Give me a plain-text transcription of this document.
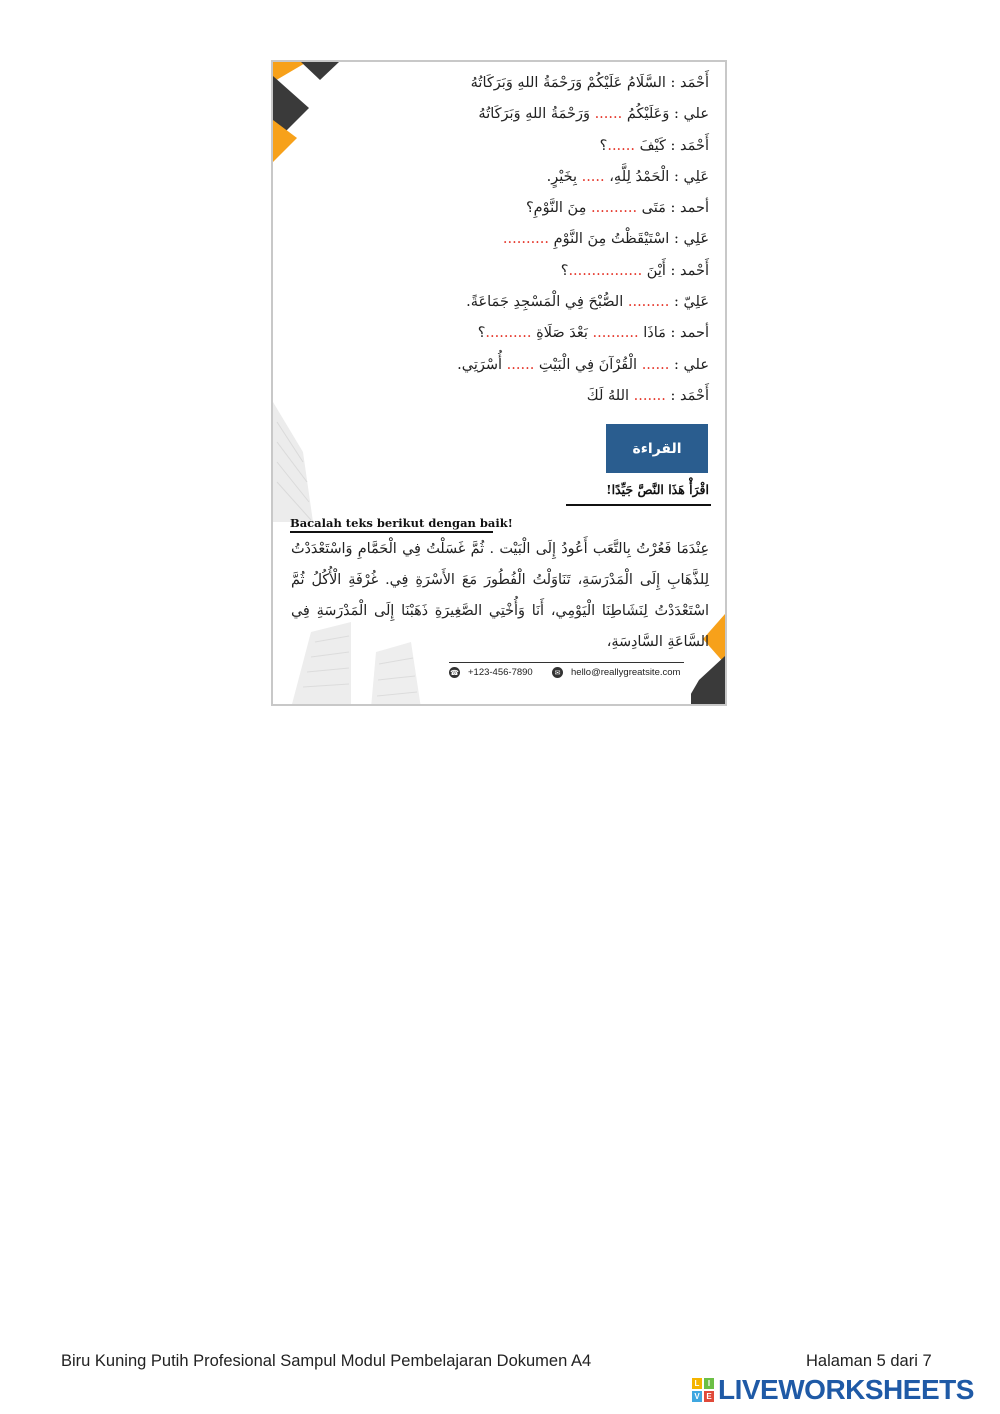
أَحْمَد : السَّلَامُ عَلَيْكُمْ وَرَحْمَةُ اللهِ وَبَرَكَاتُهُ
علي : وَعَلَيْكُمُ ...... وَرَحْمَةُ اللهِ وَبَرَكَاتُهُ
أَحْمَد : كَيْفَ ......؟
عَلِي : الْحَمْدُ لِلَّهِ، ..... بِخَيْرٍ.
أحمد : مَتَى .......... مِنَ النَّوْمِ؟
عَلِي : اسْتَيْقَظْتُ مِنَ النَّوْمِ ..........
أَحْمد : أَيْنَ ................؟
عَلِيّ : ......... الصُّبْحَ فِي الْمَسْجِدِ جَمَاعَةً.
أحمد : مَاذَا .......... بَعْدَ صَلَاةِ ..........؟
علي : ...... الْقُرْآنَ فِي الْبَيْتِ ...... أُسْرَتِي.
أَحْمَد : ....... اللهُ لَكَ
القراءة
اقْرَأْ هَذَا النَّصَّ جَيِّدًا!
Bacalah teks berikut dengan baik!
عِنْدَمَا فَعُرْتُ بِالتَّعَب أَعُودُ إِلَى الْبَيْت . ثُمَّ غَسَلْتُ فِي الْحَمَّامِ وَاسْتَعْدَدْتُ لِلذَّهَابِ إِلَى الْمَدْرَسَةِ، تَنَاوَلْتُ الْفُطُورَ مَعَ الأَسْرَةِ فِي. غُرْفَةِ الْأُكُلُ ثُمَّ اسْتَعْدَدْتُ لِنَشَاطِنَا الْيَوْمِي، أَنَا وَأُخْتِي الصَّغِيرَةِ ذَهَبْنَا إِلَى الْمَدْرَسَةِ فِي السَّاعَةِ السَّادِسَةِ،
☎ +123-456-7890	✉ hello@reallygreatsite.com
Biru Kuning Putih Profesional Sampul Modul Pembelajaran Dokumen A4	Halaman 5 dari 7
L	I
V E LIVEWORKSHEETS
